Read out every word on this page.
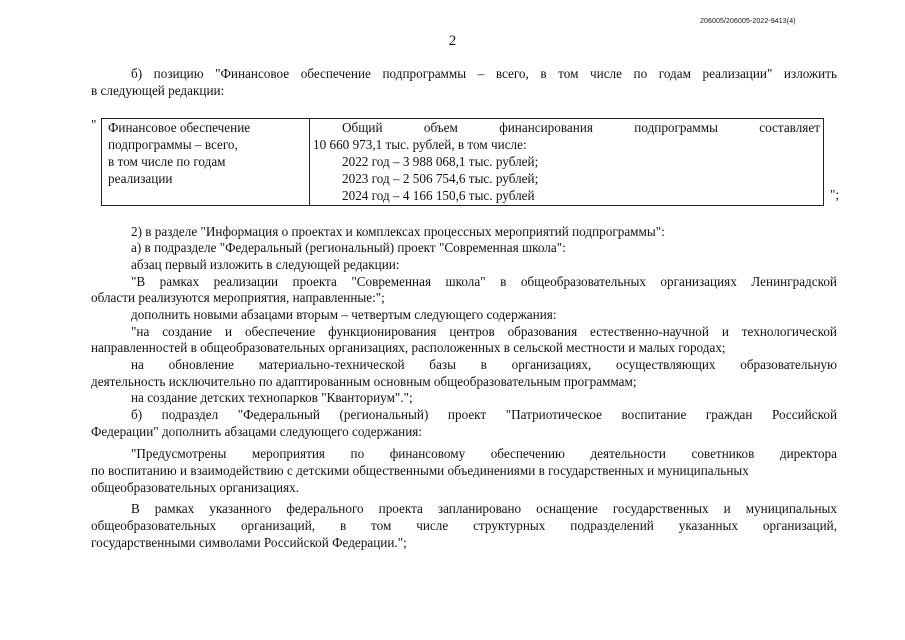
206005/206005-2022-9413(4)
2
б) позицию "Финансовое обеспечение подпрограммы – всего, в том числе по годам реализации" изложить
в следующей редакции:
" Финансовое обеспечение
подпрограммы – всего,
в том числе по годам
реализации
Общий объем финансирования подпрограммы составляет
10 660 973,1 тыс. рублей, в том числе:
2022 год – 3 988 068,1 тыс. рублей;
2023 год – 2 506 754,6 тыс. рублей;
2024 год – 4 166 150,6 тыс. рублей	";
2) в разделе "Информация о проектах и комплексах процессных мероприятий подпрограммы":
а) в подразделе "Федеральный (региональный) проект "Современная школа":
абзац первый изложить в следующей редакции:
"В рамках реализации проекта "Современная школа" в общеобразовательных организациях Ленинградской
области реализуются мероприятия, направленные:";
дополнить новыми абзацами вторым – четвертым следующего содержания:
"на создание и обеспечение функционирования центров образования естественно-научной и технологической
направленностей в общеобразовательных организациях, расположенных в сельской местности и малых городах;
на обновление материально-технической базы в организациях, осуществляющих образовательную
деятельность исключительно по адаптированным основным общеобразовательным программам;
на создание детских технопарков "Кванториум".";
б) подраздел "Федеральный (региональный) проект "Патриотическое воспитание граждан Российской
Федерации" дополнить абзацами следующего содержания:
"Предусмотрены мероприятия по финансовому обеспечению деятельности советников директора
по воспитанию и взаимодействию с детскими общественными объединениями в государственных и муниципальных
общеобразовательных организациях.
В рамках указанного федерального проекта запланировано оснащение государственных и муниципальных
общеобразовательных организаций, в том числе структурных подразделений указанных организаций,
государственными символами Российской Федерации.";
